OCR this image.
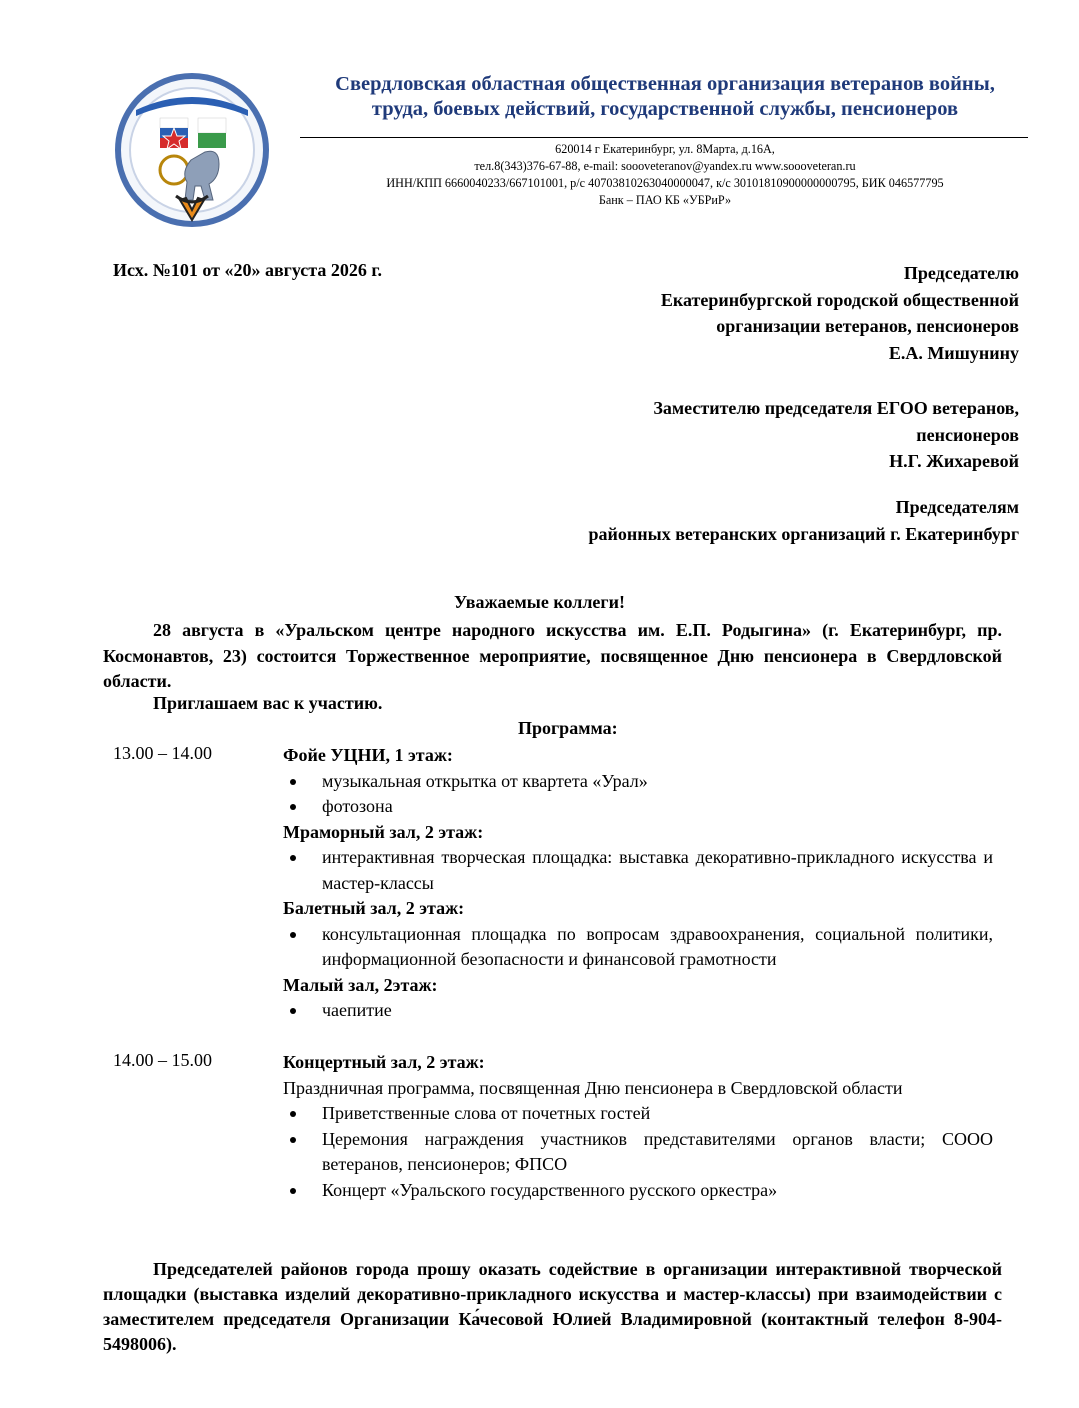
Свердловская областная общественная организация ветеранов войны,
труда, боевых действий, государственной службы, пенсионеров
620014 г Екатеринбург, ул. 8Марта, д.16А,
тел.8(343)376-67-88, e-mail: soooveteranov@yandex.ru www.soooveteran.ru
ИНН/КПП 6660040233/667101001, р/с 40703810263040000047, к/с 30101810900000000795, БИК 046577795
Банк – ПАО КБ «УБРиР»
Исх. №101 от «20» августа 2026 г.	Председателю
Екатеринбургской городской общественной
организации ветеранов, пенсионеров
Е.А. Мишунину
Заместителю председателя ЕГОО ветеранов,
пенсионеров
Н.Г. Жихаревой
Председателям
районных ветеранских организаций г. Екатеринбург
Уважаемые коллеги!
28 августа в «Уральском центре народного искусства им. Е.П. Родыгина» (г. Екатеринбург, пр. Космонавтов, 23) состоится Торжественное мероприятие, посвященное Дню пенсионера в Свердловской области.
Приглашаем вас к участию.
Программа:
13.00 – 14.00	Фойе УЦНИ, 1 этаж:
музыкальная открытка от квартета «Урал»
фотозона
Мраморный зал, 2 этаж:
интерактивная творческая площадка: выставка декоративно-прикладного искусства и мастер-классы
Балетный зал, 2 этаж:
консультационная площадка по вопросам здравоохранения, социальной политики, информационной безопасности и финансовой грамотности
Малый зал, 2этаж:
чаепитие
14.00 – 15.00	Концертный зал, 2 этаж:
Праздничная программа, посвященная Дню пенсионера в Свердловской области
Приветственные слова от почетных гостей
Церемония награждения участников представителями органов власти; СООО ветеранов, пенсионеров; ФПСО
Концерт «Уральского государственного русского оркестра»
Председателей районов города прошу оказать содействие в организации интерактивной творческой площадки (выставка изделий декоративно-прикладного искусства и мастер-классы) при взаимодействии с заместителем председателя Организации Ка́чесовой Юлией Владимировной (контактный телефон 8-904-5498006).
